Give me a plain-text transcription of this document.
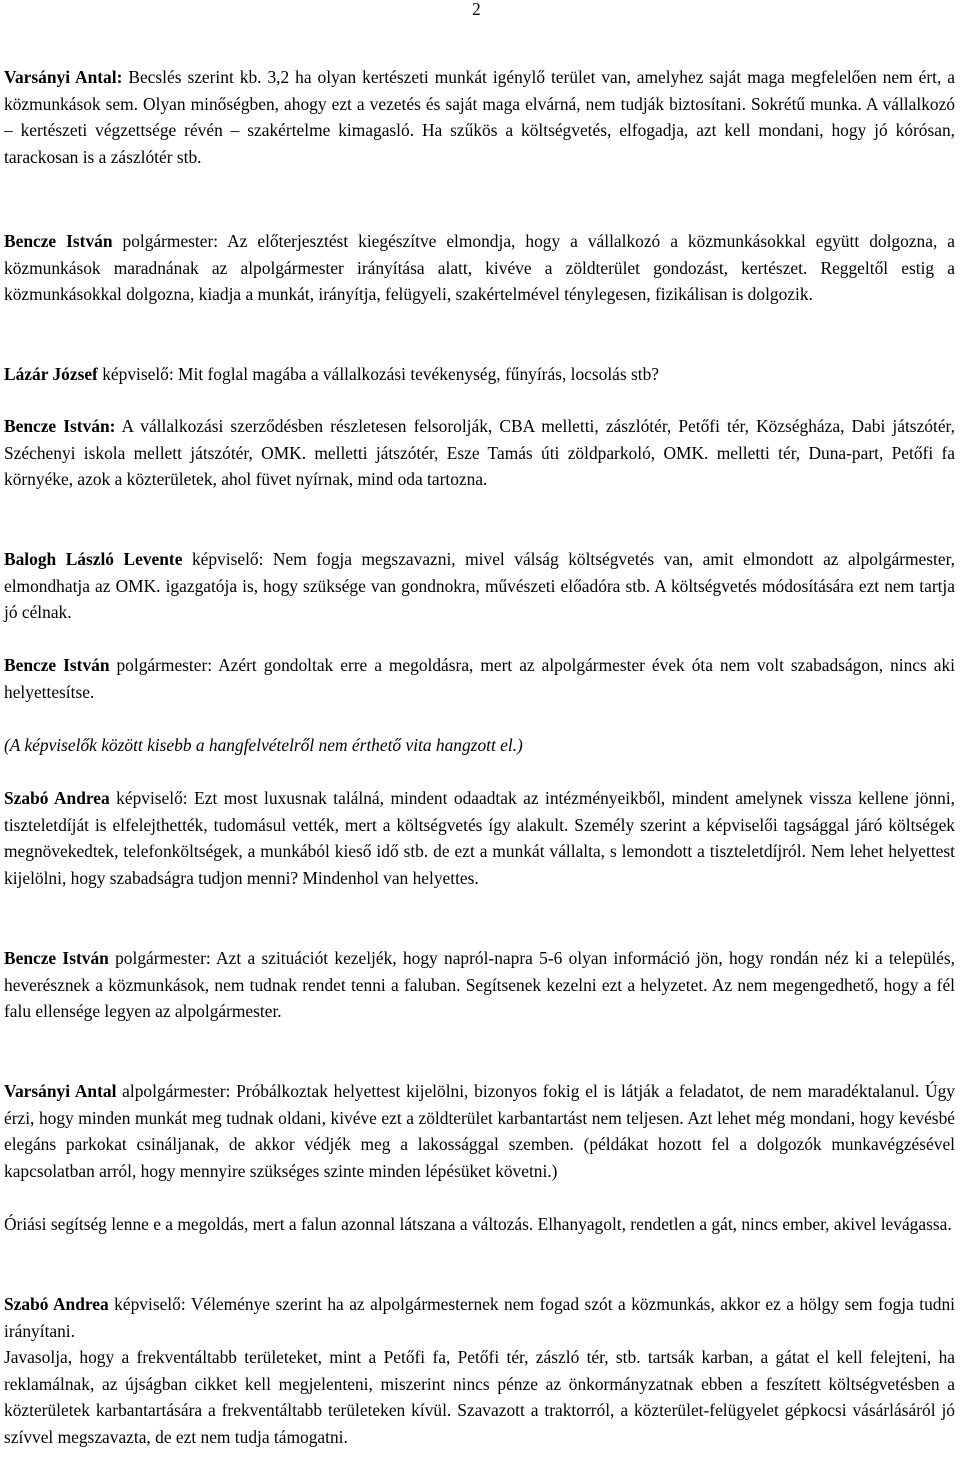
2
Varsányi Antal: Becslés szerint kb. 3,2 ha olyan kertészeti munkát igénylő terület van, amelyhez saját maga megfelelően nem ért, a közmunkások sem. Olyan minőségben, ahogy ezt a vezetés és saját maga elvárná, nem tudják biztosítani. Sokrétű munka. A vállalkozó – kertészeti végzettsége révén – szakértelme kimagasló. Ha szűkös a költségvetés, elfogadja, azt kell mondani, hogy jó kórósan, tarackosan is a zászlótér stb.
Bencze István polgármester: Az előterjesztést kiegészítve elmondja, hogy a vállalkozó a közmunkásokkal együtt dolgozna, a közmunkások maradnának az alpolgármester irányítása alatt, kivéve a zöldterület gondozást, kertészet. Reggeltől estig a közmunkásokkal dolgozna, kiadja a munkát, irányítja, felügyeli, szakértelmével ténylegesen, fizikálisan is dolgozik.
Lázár József képviselő: Mit foglal magába a vállalkozási tevékenység, fűnyírás, locsolás stb?
Bencze István: A vállalkozási szerződésben részletesen felsorolják, CBA melletti, zászlótér, Petőfi tér, Községháza, Dabi játszótér, Széchenyi iskola mellett játszótér, OMK. melletti játszótér, Esze Tamás úti zöldparkoló, OMK. melletti tér, Duna-part, Petőfi fa környéke, azok a közterületek, ahol füvet nyírnak, mind oda tartozna.
Balogh László Levente képviselő: Nem fogja megszavazni, mivel válság költségvetés van, amit elmondott az alpolgármester, elmondhatja az OMK. igazgatója is, hogy szüksége van gondnokra, művészeti előadóra stb. A költségvetés módosítására ezt nem tartja jó célnak.
Bencze István polgármester: Azért gondoltak erre a megoldásra, mert az alpolgármester évek óta nem volt szabadságon, nincs aki helyettesítse.
(A képviselők között kisebb a hangfelvételről nem érthető vita hangzott el.)
Szabó Andrea képviselő: Ezt most luxusnak találná, mindent odaadtak az intézményeikből, mindent amelynek vissza kellene jönni, tiszteletdíját is elfelejthették, tudomásul vették, mert a költségvetés így alakult. Személy szerint a képviselői tagsággal járó költségek megnövekedtek, telefonköltségek, a munkából kieső idő stb. de ezt a munkát vállalta, s lemondott a tiszteletdíjról. Nem lehet helyettest kijelölni, hogy szabadságra tudjon menni? Mindenhol van helyettes.
Bencze István polgármester: Azt a szituációt kezeljék, hogy napról-napra 5-6 olyan információ jön, hogy rondán néz ki a település, heverésznek a közmunkások, nem tudnak rendet tenni a faluban. Segítsenek kezelni ezt a helyzetet. Az nem megengedhető, hogy a fél falu ellensége legyen az alpolgármester.
Varsányi Antal alpolgármester: Próbálkoztak helyettest kijelölni, bizonyos fokig el is látják a feladatot, de nem maradéktalanul. Úgy érzi, hogy minden munkát meg tudnak oldani, kivéve ezt a zöldterület karbantartást nem teljesen. Azt lehet még mondani, hogy kevésbé elegáns parkokat csináljanak, de akkor védjék meg a lakossággal szemben. (példákat hozott fel a dolgozók munkavégzésével kapcsolatban arról, hogy mennyire szükséges szinte minden lépésüket követni.)
Óriási segítség lenne e a megoldás, mert a falun azonnal látszana a változás. Elhanyagolt, rendetlen a gát, nincs ember, akivel levágassa.
Szabó Andrea képviselő: Véleménye szerint ha az alpolgármesternek nem fogad szót a közmunkás, akkor ez a hölgy sem fogja tudni irányítani.
Javasolja, hogy a frekventáltabb területeket, mint a Petőfi fa, Petőfi tér, zászló tér, stb. tartsák karban, a gátat el kell felejteni, ha reklamálnak, az újságban cikket kell megjelenteni, miszerint nincs pénze az önkormányzatnak ebben a feszített költségvetésben a közterületek karbantartására a frekventáltabb területeken kívül. Szavazott a traktorról, a közterület-felügyelet gépkocsi vásárlásáról jó szívvel megszavazta, de ezt nem tudja támogatni.
